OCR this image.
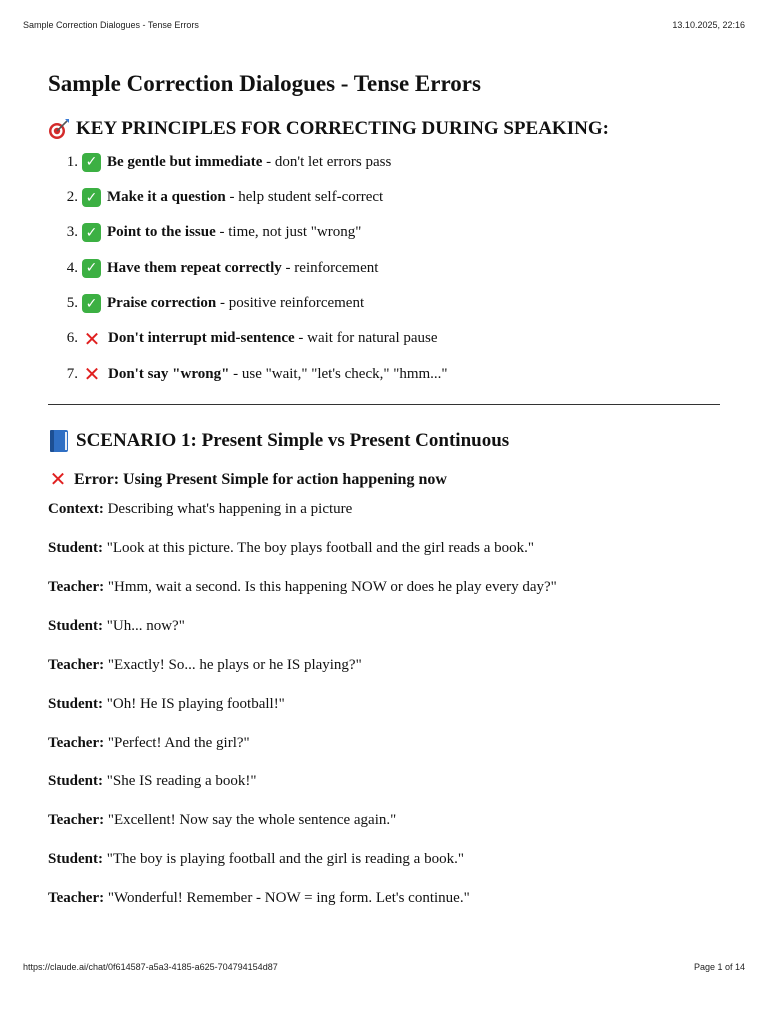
Sample Correction Dialogues - Tense Errors	13.10.2025, 22:16
Sample Correction Dialogues - Tense Errors
KEY PRINCIPLES FOR CORRECTING DURING SPEAKING:
1. ✓ Be gentle but immediate - don't let errors pass
2. ✓ Make it a question - help student self-correct
3. ✓ Point to the issue - time, not just "wrong"
4. ✓ Have them repeat correctly - reinforcement
5. ✓ Praise correction - positive reinforcement
6. ✕ Don't interrupt mid-sentence - wait for natural pause
7. ✕ Don't say "wrong" - use "wait," "let's check," "hmm..."
SCENARIO 1: Present Simple vs Present Continuous
✕ Error: Using Present Simple for action happening now

Context: Describing what's happening in a picture

Student: "Look at this picture. The boy plays football and the girl reads a book."

Teacher: "Hmm, wait a second. Is this happening NOW or does he play every day?"

Student: "Uh... now?"

Teacher: "Exactly! So... he plays or he IS playing?"

Student: "Oh! He IS playing football!"

Teacher: "Perfect! And the girl?"

Student: "She IS reading a book!"

Teacher: "Excellent! Now say the whole sentence again."

Student: "The boy is playing football and the girl is reading a book."

Teacher: "Wonderful! Remember - NOW = ing form. Let's continue."

https://claude.ai/chat/0f614587-a5a3-4185-a625-704794154d87	Page 1 of 14
